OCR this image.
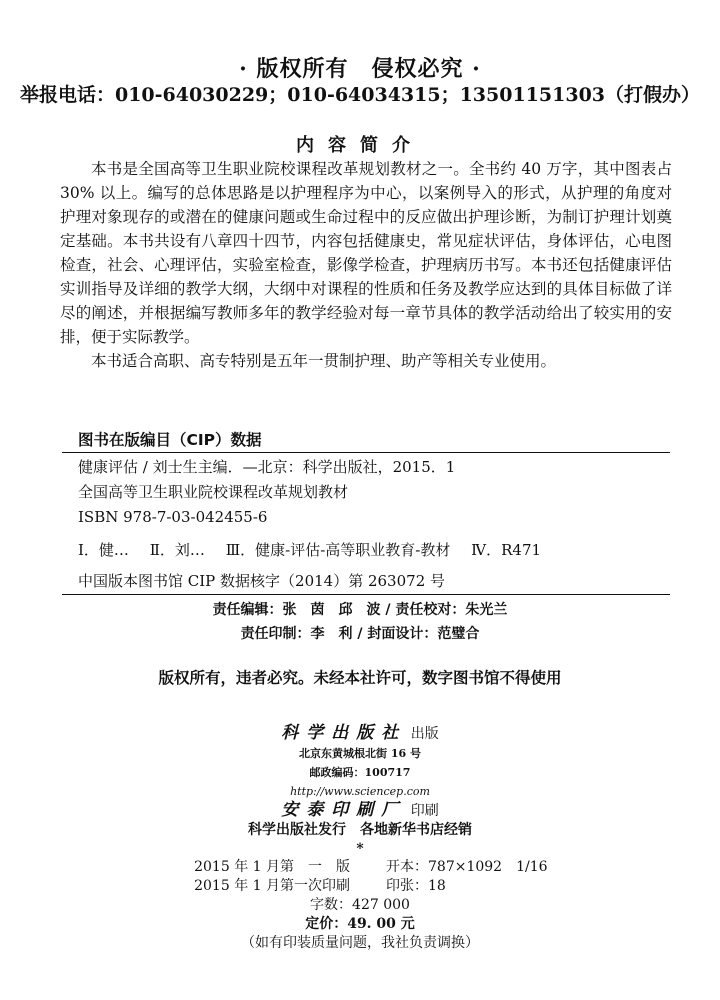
· 版权所有　侵权必究 ·
举报电话：010-64030229；010-64034315；13501151303（打假办）
内容简介

本书是全国高等卫生职业院校课程改革规划教材之一。全书约 40 万字，其中图表占 30% 以上。编写的总体思路是以护理程序为中心，以案例导入的形式，从护理的角度对护理对象现存的或潜在的健康问题或生命过程中的反应做出护理诊断，为制订护理计划奠定基础。本书共设有八章四十四节，内容包括健康史，常见症状评估，身体评估，心电图检查，社会、心理评估，实验室检查，影像学检查，护理病历书写。本书还包括健康评估实训指导及详细的教学大纲，大纲中对课程的性质和任务及教学应达到的具体目标做了详尽的阐述，并根据编写教师多年的教学经验对每一章节具体的教学活动给出了较实用的安排，便于实际教学。

本书适合高职、高专特别是五年一贯制护理、助产等相关专业使用。

图书在版编目（CIP）数据
健康评估 / 刘士生主编．—北京：科学出版社，2015．1
全国高等卫生职业院校课程改革规划教材
ISBN 978-7-03-042455-6
Ⅰ．健… Ⅱ．刘… Ⅲ．健康-评估-高等职业教育-教材 Ⅳ．R471
中国版本图书馆 CIP 数据核字（2014）第 263072 号
责任编辑：张　茵　邱　波 / 责任校对：朱光兰
责任印制：李　利 / 封面设计：范璧合
版权所有，违者必究。未经本社许可，数字图书馆不得使用
科学出版社 出版
北京东黄城根北街 16 号
邮政编码：100717
http://www.sciencep.com
安泰印刷厂 印刷
科学出版社发行　各地新华书店经销
*
2015 年 1 月第　一　版	开本：787×1092　1/16
2015 年 1 月第一次印刷	印张：18
字数：427 000
定价：49. 00 元
（如有印装质量问题，我社负责调换）
